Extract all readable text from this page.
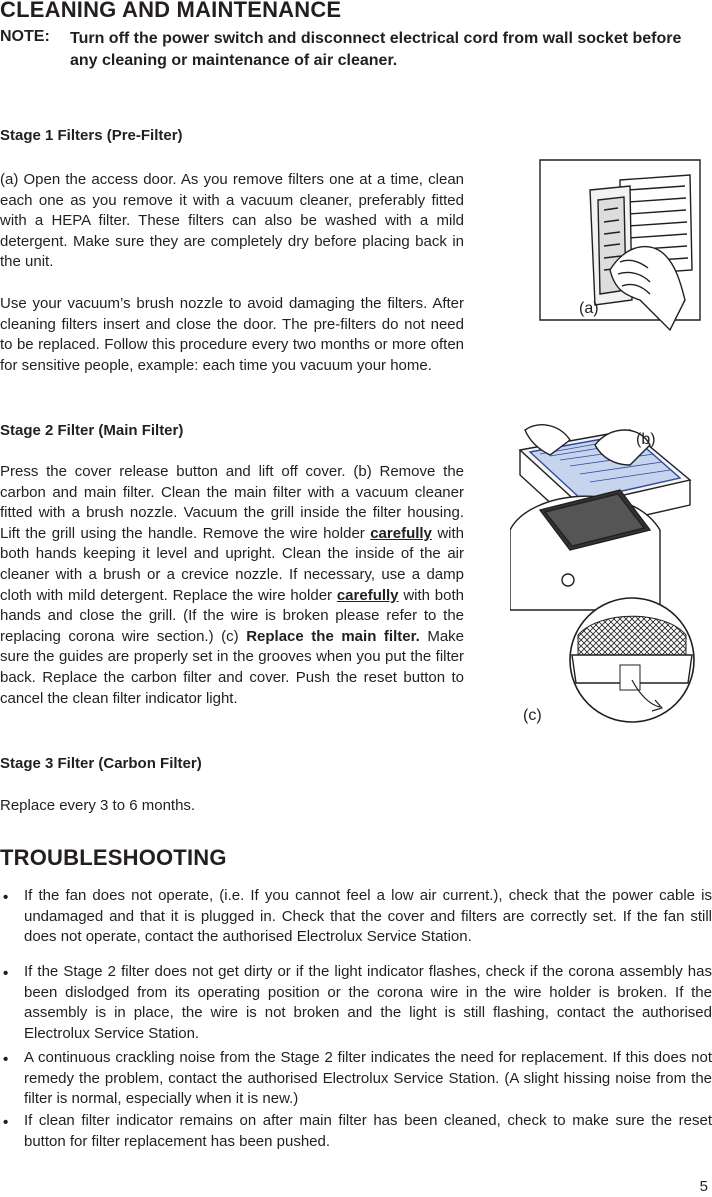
CLEANING AND MAINTENANCE
NOTE: Turn off the power switch and disconnect electrical cord from wall socket before any cleaning or maintenance of air cleaner.
Stage 1 Filters (Pre-Filter)
(a) Open the access door. As you remove filters one at a time, clean each one as you remove it with a vacuum cleaner, preferably fitted with a HEPA filter. These filters can also be washed with a mild detergent. Make sure they are completely dry before placing back in the unit.
Use your vacuum’s brush nozzle to avoid damaging the filters. After cleaning filters insert and close the door. The pre-filters do not need to be replaced. Follow this procedure every two months or more often for sensitive people, example: each time you vacuum your home.
Stage 2 Filter (Main Filter)
Press the cover release button and lift off cover. (b) Remove the carbon and main filter. Clean the main filter with a vacuum cleaner fitted with a brush nozzle. Vacuum the grill inside the filter housing. Lift the grill using the handle. Remove the wire holder carefully with both hands keeping it level and upright. Clean the inside of the air cleaner with a brush or a crevice nozzle. If necessary, use a damp cloth with mild detergent. Replace the wire holder carefully with both hands and close the grill. (If the wire is broken please refer to the replacing corona wire section.) (c) Replace the main filter. Make sure the guides are properly set in the grooves when you put the filter back. Replace the carbon filter and cover. Push the reset button to cancel the clean filter indicator light.
Stage 3 Filter (Carbon Filter)
Replace every 3 to 6 months.
(a)
(b)
(c)
TROUBLESHOOTING
• If the fan does not operate, (i.e. If you cannot feel a low air current.), check that the power cable is undamaged and that it is plugged in. Check that the cover and filters are correctly set. If the fan still does not operate, contact the authorised Electrolux Service Station.
• If the Stage 2 filter does not get dirty or if the light indicator flashes, check if the corona assembly has been dislodged from its operating position or the corona wire in the wire holder is broken. If the assembly is in place, the wire is not broken and the light is still flashing, contact the authorised Electrolux Service Station.
• A continuous crackling noise from the Stage 2 filter indicates the need for replacement. If this does not remedy the problem, contact the authorised Electrolux Service Station. (A slight hissing noise from the filter is normal, especially when it is new.)
• If clean filter indicator remains on after main filter has been cleaned, check to make sure the reset button for filter replacement has been pushed.
5
